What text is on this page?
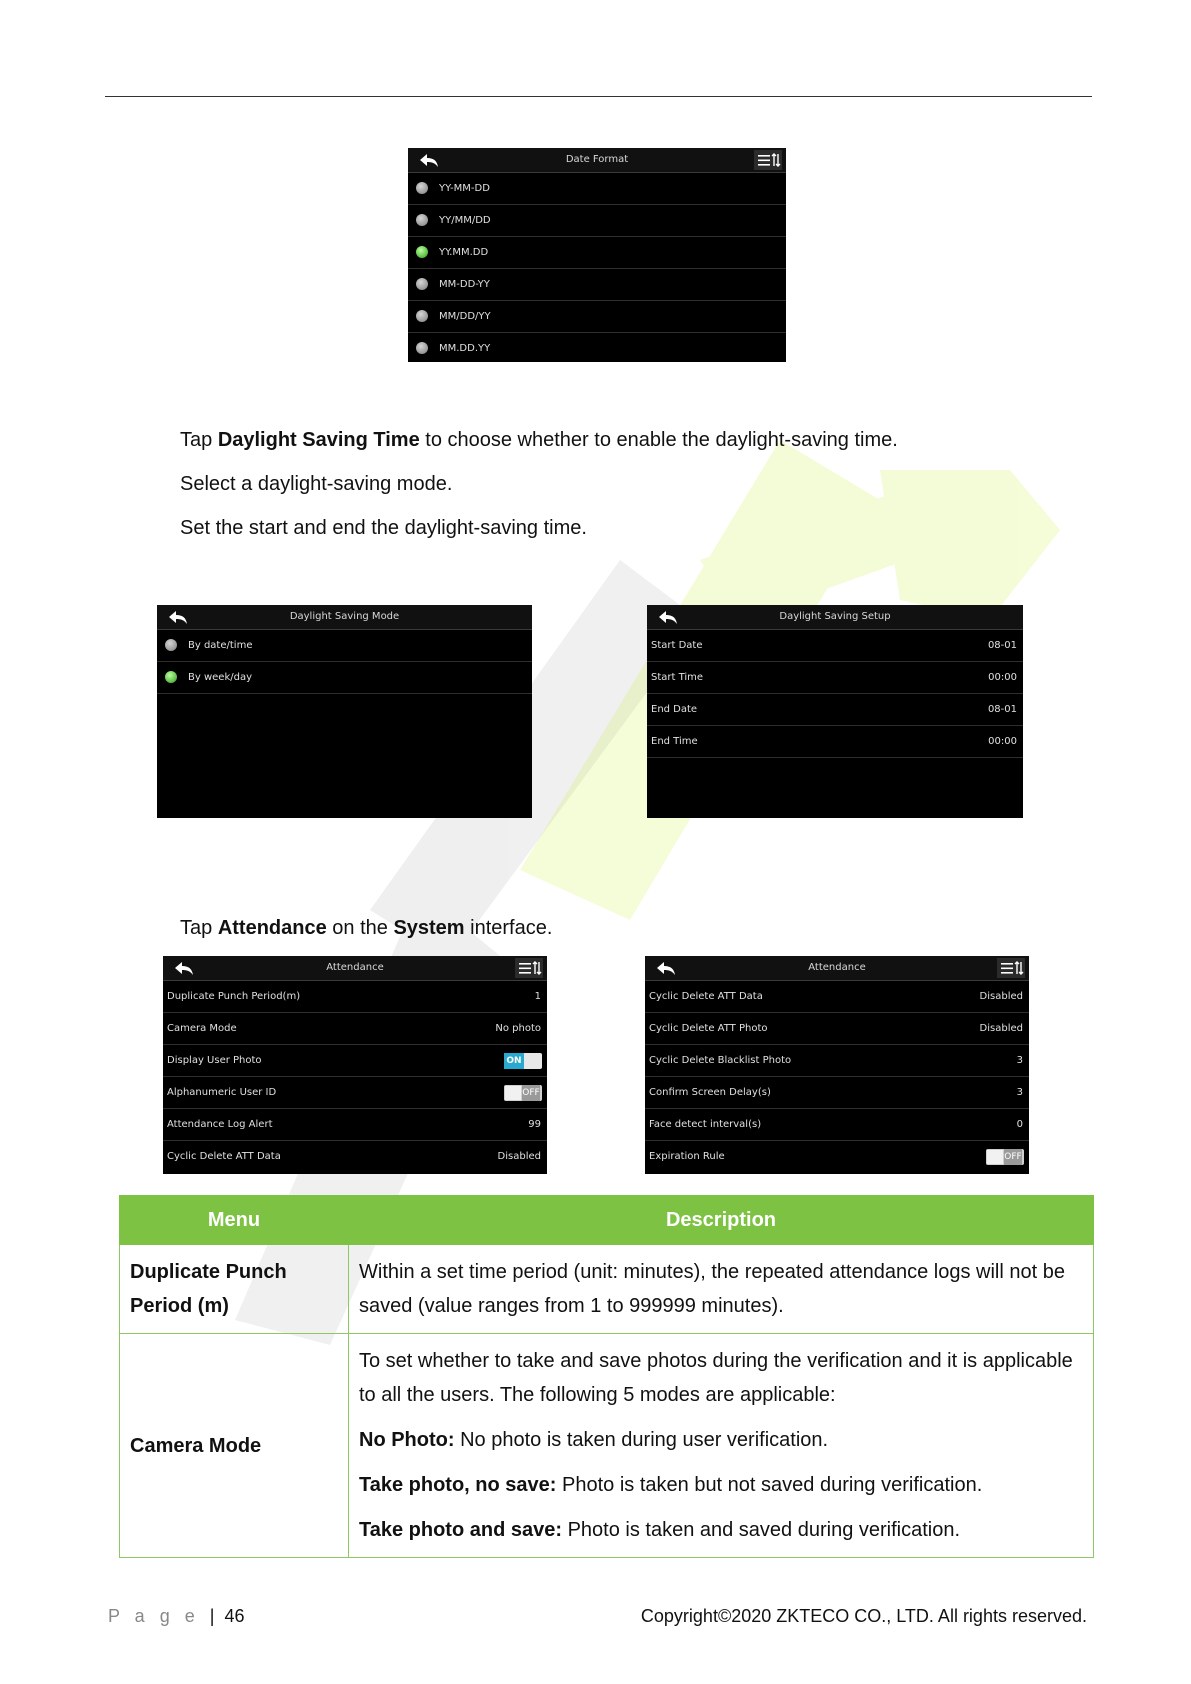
Date Format
YY-MM-DD
YY/MM/DD
YY.MM.DD
MM-DD-YY
MM/DD/YY
MM.DD.YY
Tap Daylight Saving Time to choose whether to enable the daylight-saving time.
Select a daylight-saving mode.
Set the start and end the daylight-saving time.
Daylight Saving Mode
By date/time
By week/day
Daylight Saving Setup
Start Date	08-01
Start Time	00:00
End Date	08-01
End Time	00:00
Tap Attendance on the System interface.
Attendance
Duplicate Punch Period(m)	1
Camera Mode	No photo
Display User Photo	ON
Alphanumeric User ID	OFF
Attendance Log Alert	99
Cyclic Delete ATT Data	Disabled
Attendance
Cyclic Delete ATT Data	Disabled
Cyclic Delete ATT Photo	Disabled
Cyclic Delete Blacklist Photo	3
Confirm Screen Delay(s)	3
Face detect interval(s)	0
Expiration Rule	OFF
Menu	Description
Duplicate Punch Period (m)	Within a set time period (unit: minutes), the repeated attendance logs will not be saved (value ranges from 1 to 999999 minutes).
Camera Mode	To set whether to take and save photos during the verification and it is applicable to all the users. The following 5 modes are applicable:

No Photo: No photo is taken during user verification.

Take photo, no save: Photo is taken but not saved during verification.

Take photo and save: Photo is taken and saved during verification.

P a g e | 46	Copyright©2020 ZKTECO CO., LTD. All rights reserved.
